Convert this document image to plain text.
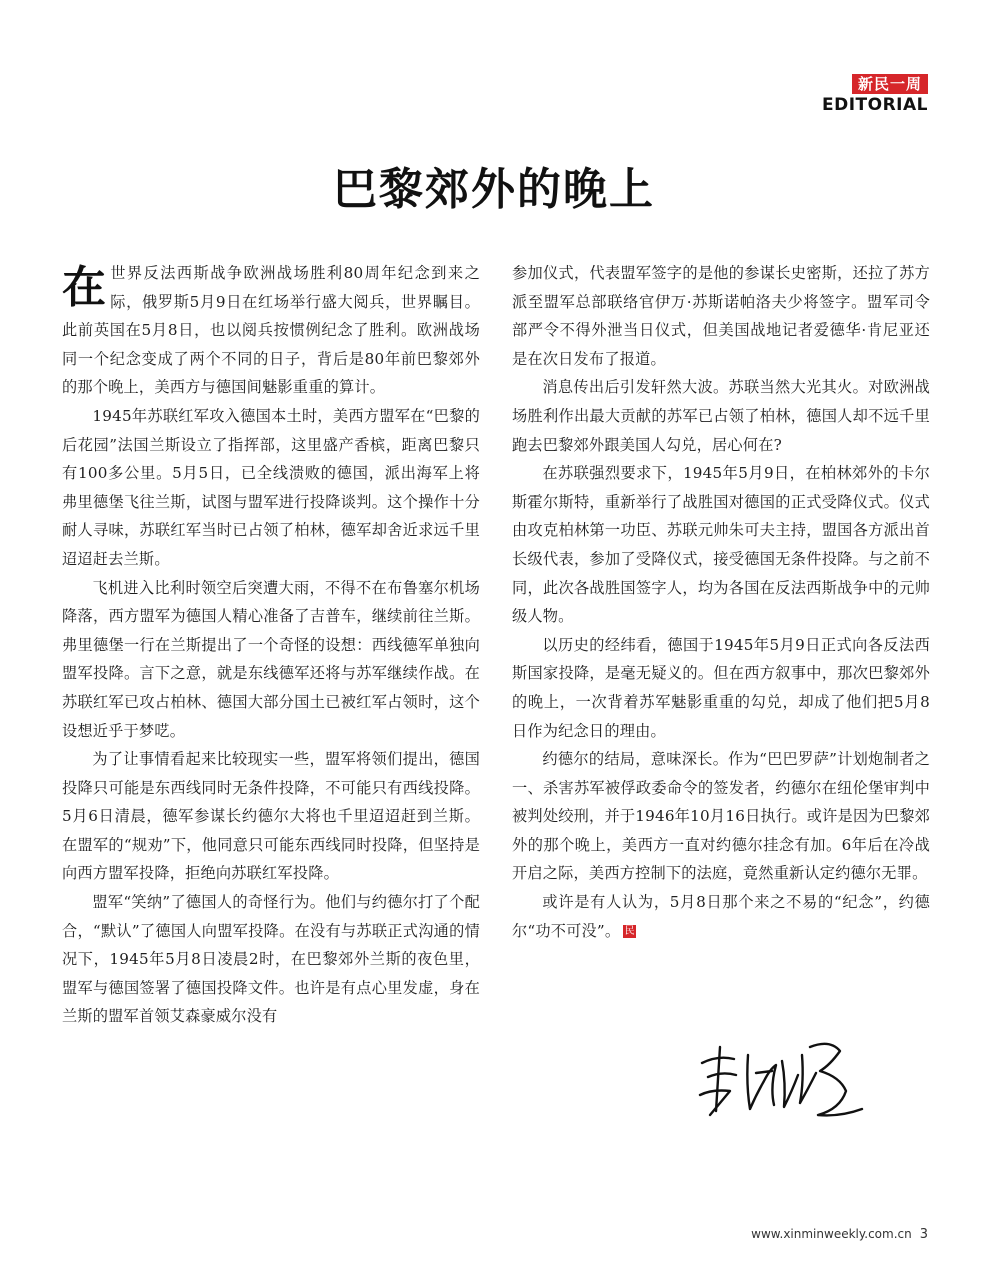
新民一周
EDITORIAL
巴黎郊外的晚上

在世界反法西斯战争欧洲战场胜利80周年纪念到来之际，俄罗斯5月9日在红场举行盛大阅兵，世界瞩目。此前英国在5月8日，也以阅兵按惯例纪念了胜利。欧洲战场同一个纪念变成了两个不同的日子，背后是80年前巴黎郊外的那个晚上，美西方与德国间魅影重重的算计。

1945年苏联红军攻入德国本土时，美西方盟军在“巴黎的后花园”法国兰斯设立了指挥部，这里盛产香槟，距离巴黎只有100多公里。5月5日，已全线溃败的德国，派出海军上将弗里德堡飞往兰斯，试图与盟军进行投降谈判。这个操作十分耐人寻味，苏联红军当时已占领了柏林，德军却舍近求远千里迢迢赶去兰斯。

飞机进入比利时领空后突遭大雨，不得不在布鲁塞尔机场降落，西方盟军为德国人精心准备了吉普车，继续前往兰斯。弗里德堡一行在兰斯提出了一个奇怪的设想：西线德军单独向盟军投降。言下之意，就是东线德军还将与苏军继续作战。在苏联红军已攻占柏林、德国大部分国土已被红军占领时，这个设想近乎于梦呓。

为了让事情看起来比较现实一些，盟军将领们提出，德国投降只可能是东西线同时无条件投降，不可能只有西线投降。5月6日清晨，德军参谋长约德尔大将也千里迢迢赶到兰斯。在盟军的“规劝”下，他同意只可能东西线同时投降，但坚持是向西方盟军投降，拒绝向苏联红军投降。

盟军“笑纳”了德国人的奇怪行为。他们与约德尔打了个配合，“默认”了德国人向盟军投降。在没有与苏联正式沟通的情况下，1945年5月8日凌晨2时，在巴黎郊外兰斯的夜色里，盟军与德国签署了德国投降文件。也许是有点心里发虚，身在兰斯的盟军首领艾森豪威尔没有

参加仪式，代表盟军签字的是他的参谋长史密斯，还拉了苏方派至盟军总部联络官伊万·苏斯诺帕洛夫少将签字。盟军司令部严令不得外泄当日仪式，但美国战地记者爱德华·肯尼亚还是在次日发布了报道。

消息传出后引发轩然大波。苏联当然大光其火。对欧洲战场胜利作出最大贡献的苏军已占领了柏林，德国人却不远千里跑去巴黎郊外跟美国人勾兑，居心何在?

在苏联强烈要求下，1945年5月9日，在柏林郊外的卡尔斯霍尔斯特，重新举行了战胜国对德国的正式受降仪式。仪式由攻克柏林第一功臣、苏联元帅朱可夫主持，盟国各方派出首长级代表，参加了受降仪式，接受德国无条件投降。与之前不同，此次各战胜国签字人，均为各国在反法西斯战争中的元帅级人物。

以历史的经纬看，德国于1945年5月9日正式向各反法西斯国家投降，是毫无疑义的。但在西方叙事中，那次巴黎郊外的晚上，一次背着苏军魅影重重的勾兑，却成了他们把5月8日作为纪念日的理由。

约德尔的结局，意味深长。作为“巴巴罗萨”计划炮制者之一、杀害苏军被俘政委命令的签发者，约德尔在纽伦堡审判中被判处绞刑，并于1946年10月16日执行。或许是因为巴黎郊外的那个晚上，美西方一直对约德尔挂念有加。6年后在冷战开启之际，美西方控制下的法庭，竟然重新认定约德尔无罪。

或许是有人认为，5月8日那个来之不易的“纪念”，约德尔“功不可没”。 民

www.xinminweekly.com.cn 3
